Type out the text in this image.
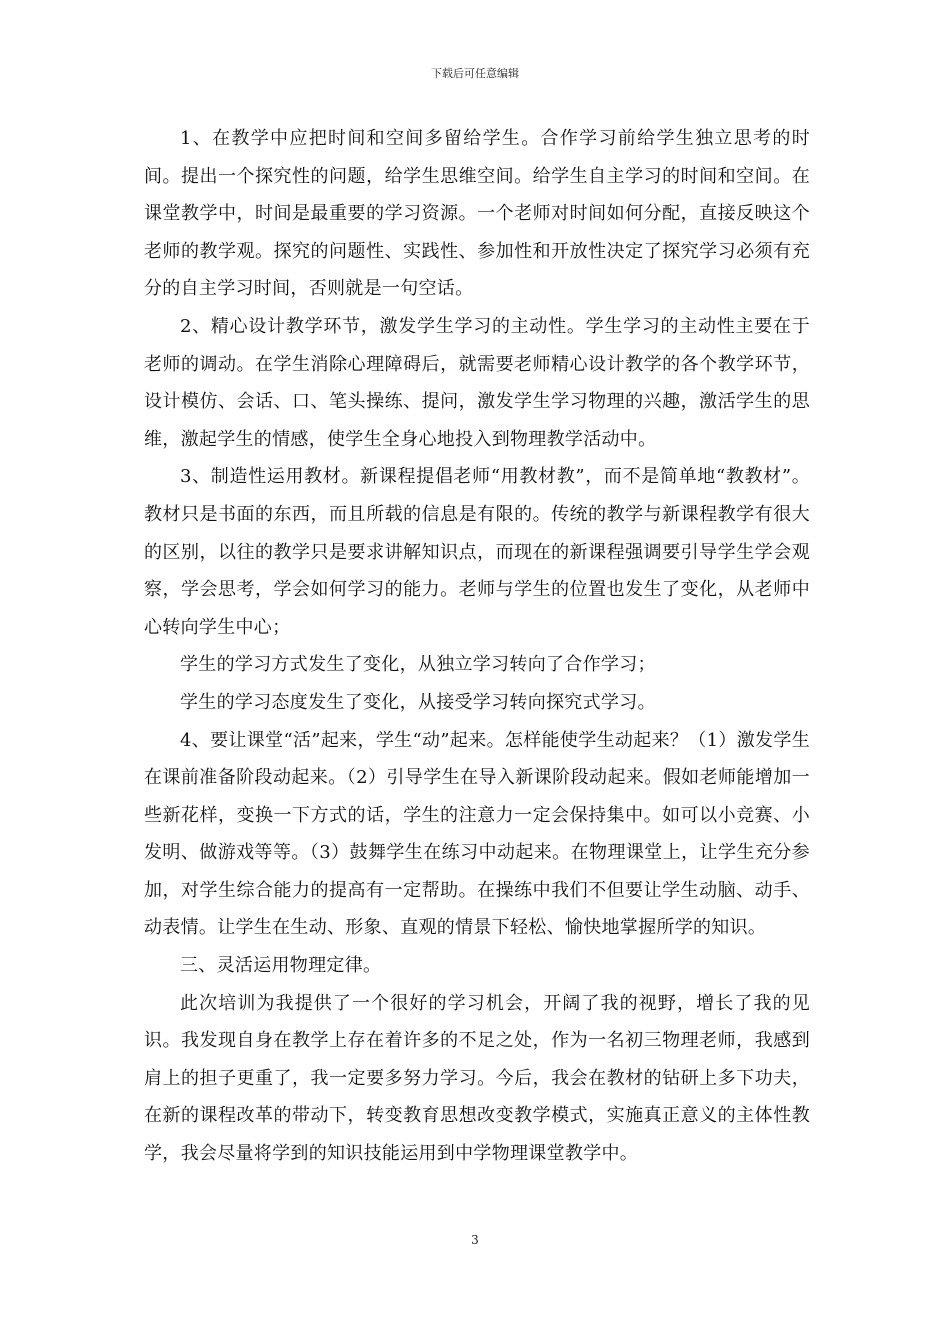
下载后可任意编辑

1、在教学中应把时间和空间多留给学生。合作学习前给学生独立思考的时间。提出一个探究性的问题，给学生思维空间。给学生自主学习的时间和空间。在课堂教学中，时间是最重要的学习资源。一个老师对时间如何分配，直接反映这个老师的教学观。探究的问题性、实践性、参加性和开放性决定了探究学习必须有充分的自主学习时间，否则就是一句空话。

2、精心设计教学环节，激发学生学习的主动性。学生学习的主动性主要在于老师的调动。在学生消除心理障碍后，就需要老师精心设计教学的各个教学环节，设计模仿、会话、口、笔头操练、提问，激发学生学习物理的兴趣，激活学生的思维，激起学生的情感，使学生全身心地投入到物理教学活动中。

3、制造性运用教材。新课程提倡老师“用教材教”，而不是简单地“教教材”。教材只是书面的东西，而且所载的信息是有限的。传统的教学与新课程教学有很大的区别，以往的教学只是要求讲解知识点，而现在的新课程强调要引导学生学会观察，学会思考，学会如何学习的能力。老师与学生的位置也发生了变化，从老师中心转向学生中心；

学生的学习方式发生了变化，从独立学习转向了合作学习；

学生的学习态度发生了变化，从接受学习转向探究式学习。

4、要让课堂“活”起来，学生“动”起来。怎样能使学生动起来？（1）激发学生在课前准备阶段动起来。（2）引导学生在导入新课阶段动起来。假如老师能增加一些新花样，变换一下方式的话，学生的注意力一定会保持集中。如可以小竞赛、小发明、做游戏等等。（3）鼓舞学生在练习中动起来。在物理课堂上，让学生充分参加，对学生综合能力的提高有一定帮助。在操练中我们不但要让学生动脑、动手、动表情。让学生在生动、形象、直观的情景下轻松、愉快地掌握所学的知识。

三、灵活运用物理定律。

此次培训为我提供了一个很好的学习机会，开阔了我的视野，增长了我的见识。我发现自身在教学上存在着许多的不足之处，作为一名初三物理老师，我感到肩上的担子更重了，我一定要多努力学习。今后，我会在教材的钻研上多下功夫，在新的课程改革的带动下，转变教育思想改变教学模式，实施真正意义的主体性教学，我会尽量将学到的知识技能运用到中学物理课堂教学中。

3
